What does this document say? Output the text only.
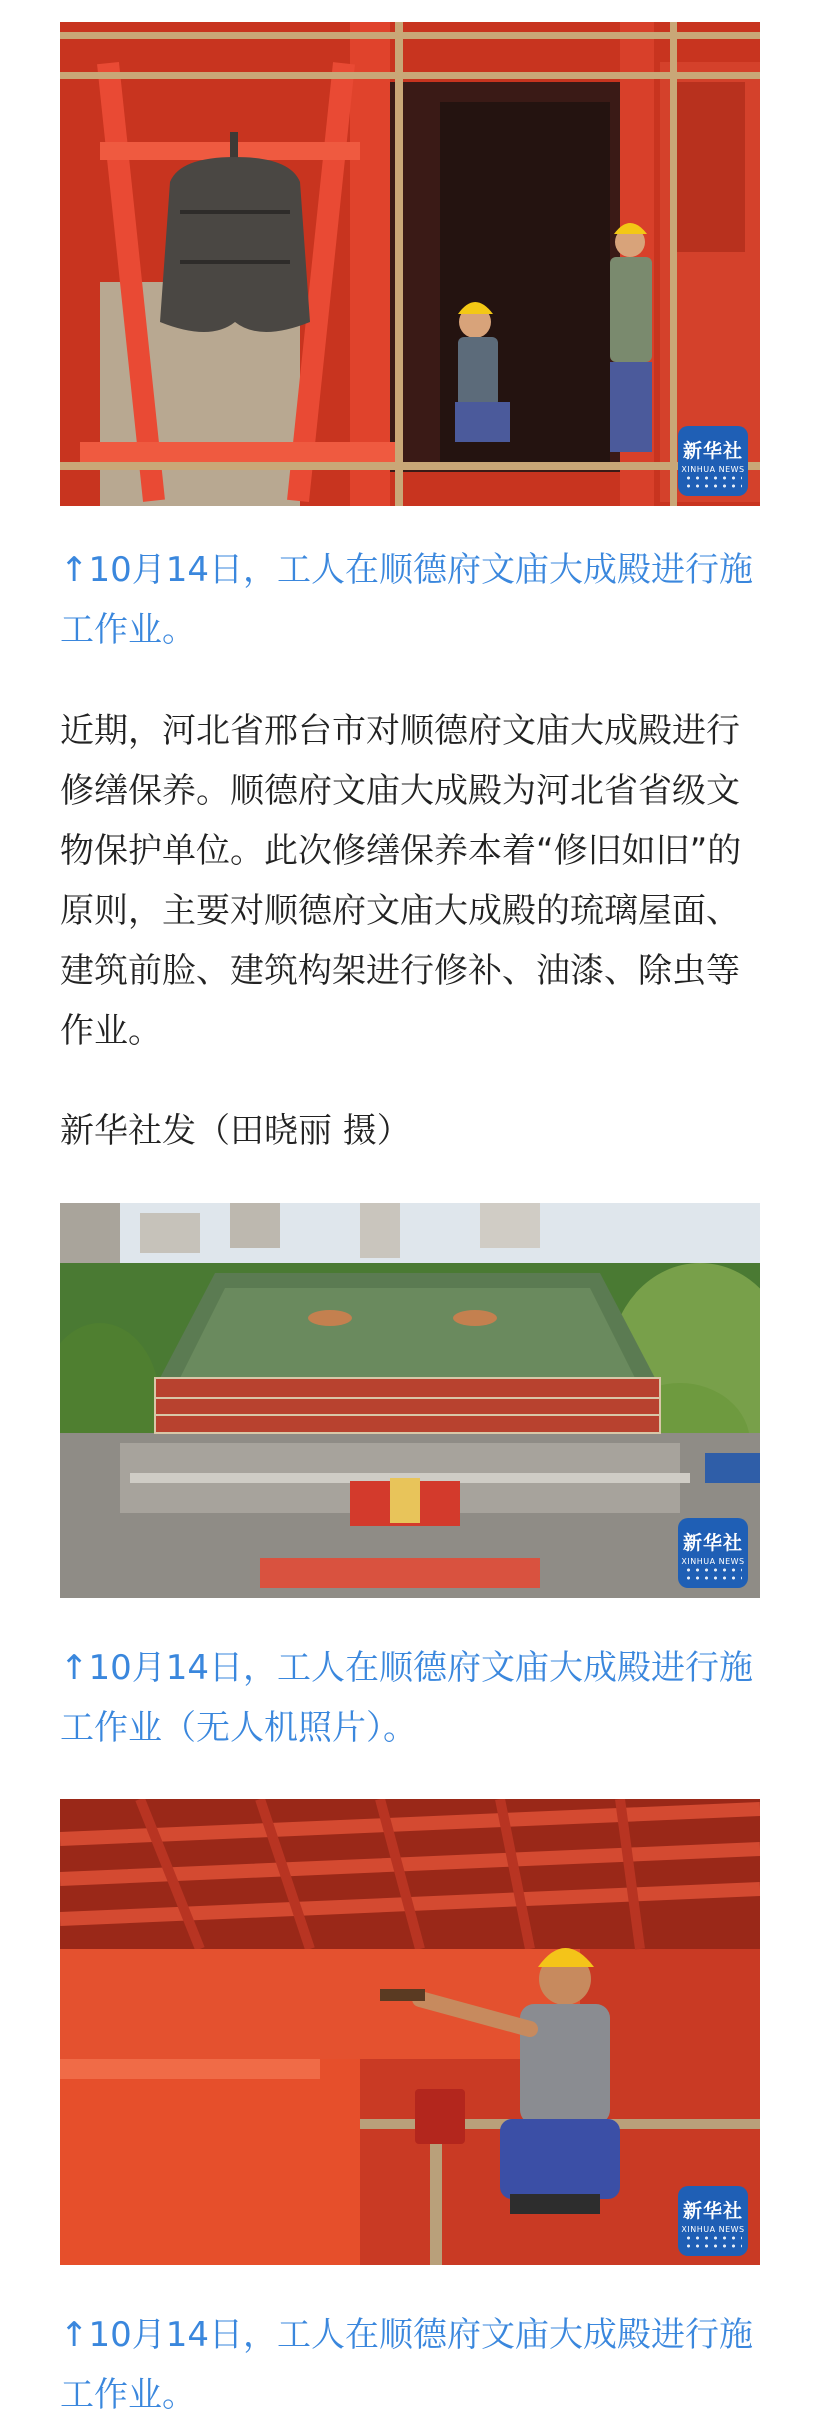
新华社
XINHUA NEWS

↑10月14日，工人在顺德府文庙大成殿进行施工作业。

近期，河北省邢台市对顺德府文庙大成殿进行修缮保养。顺德府文庙大成殿为河北省省级文物保护单位。此次修缮保养本着“修旧如旧”的原则，主要对顺德府文庙大成殿的琉璃屋面、建筑前脸、建筑构架进行修补、油漆、除虫等作业。

新华社发（田晓丽 摄）

新华社
XINHUA NEWS

↑10月14日，工人在顺德府文庙大成殿进行施工作业（无人机照片）。

新华社
XINHUA NEWS

↑10月14日，工人在顺德府文庙大成殿进行施工作业。
